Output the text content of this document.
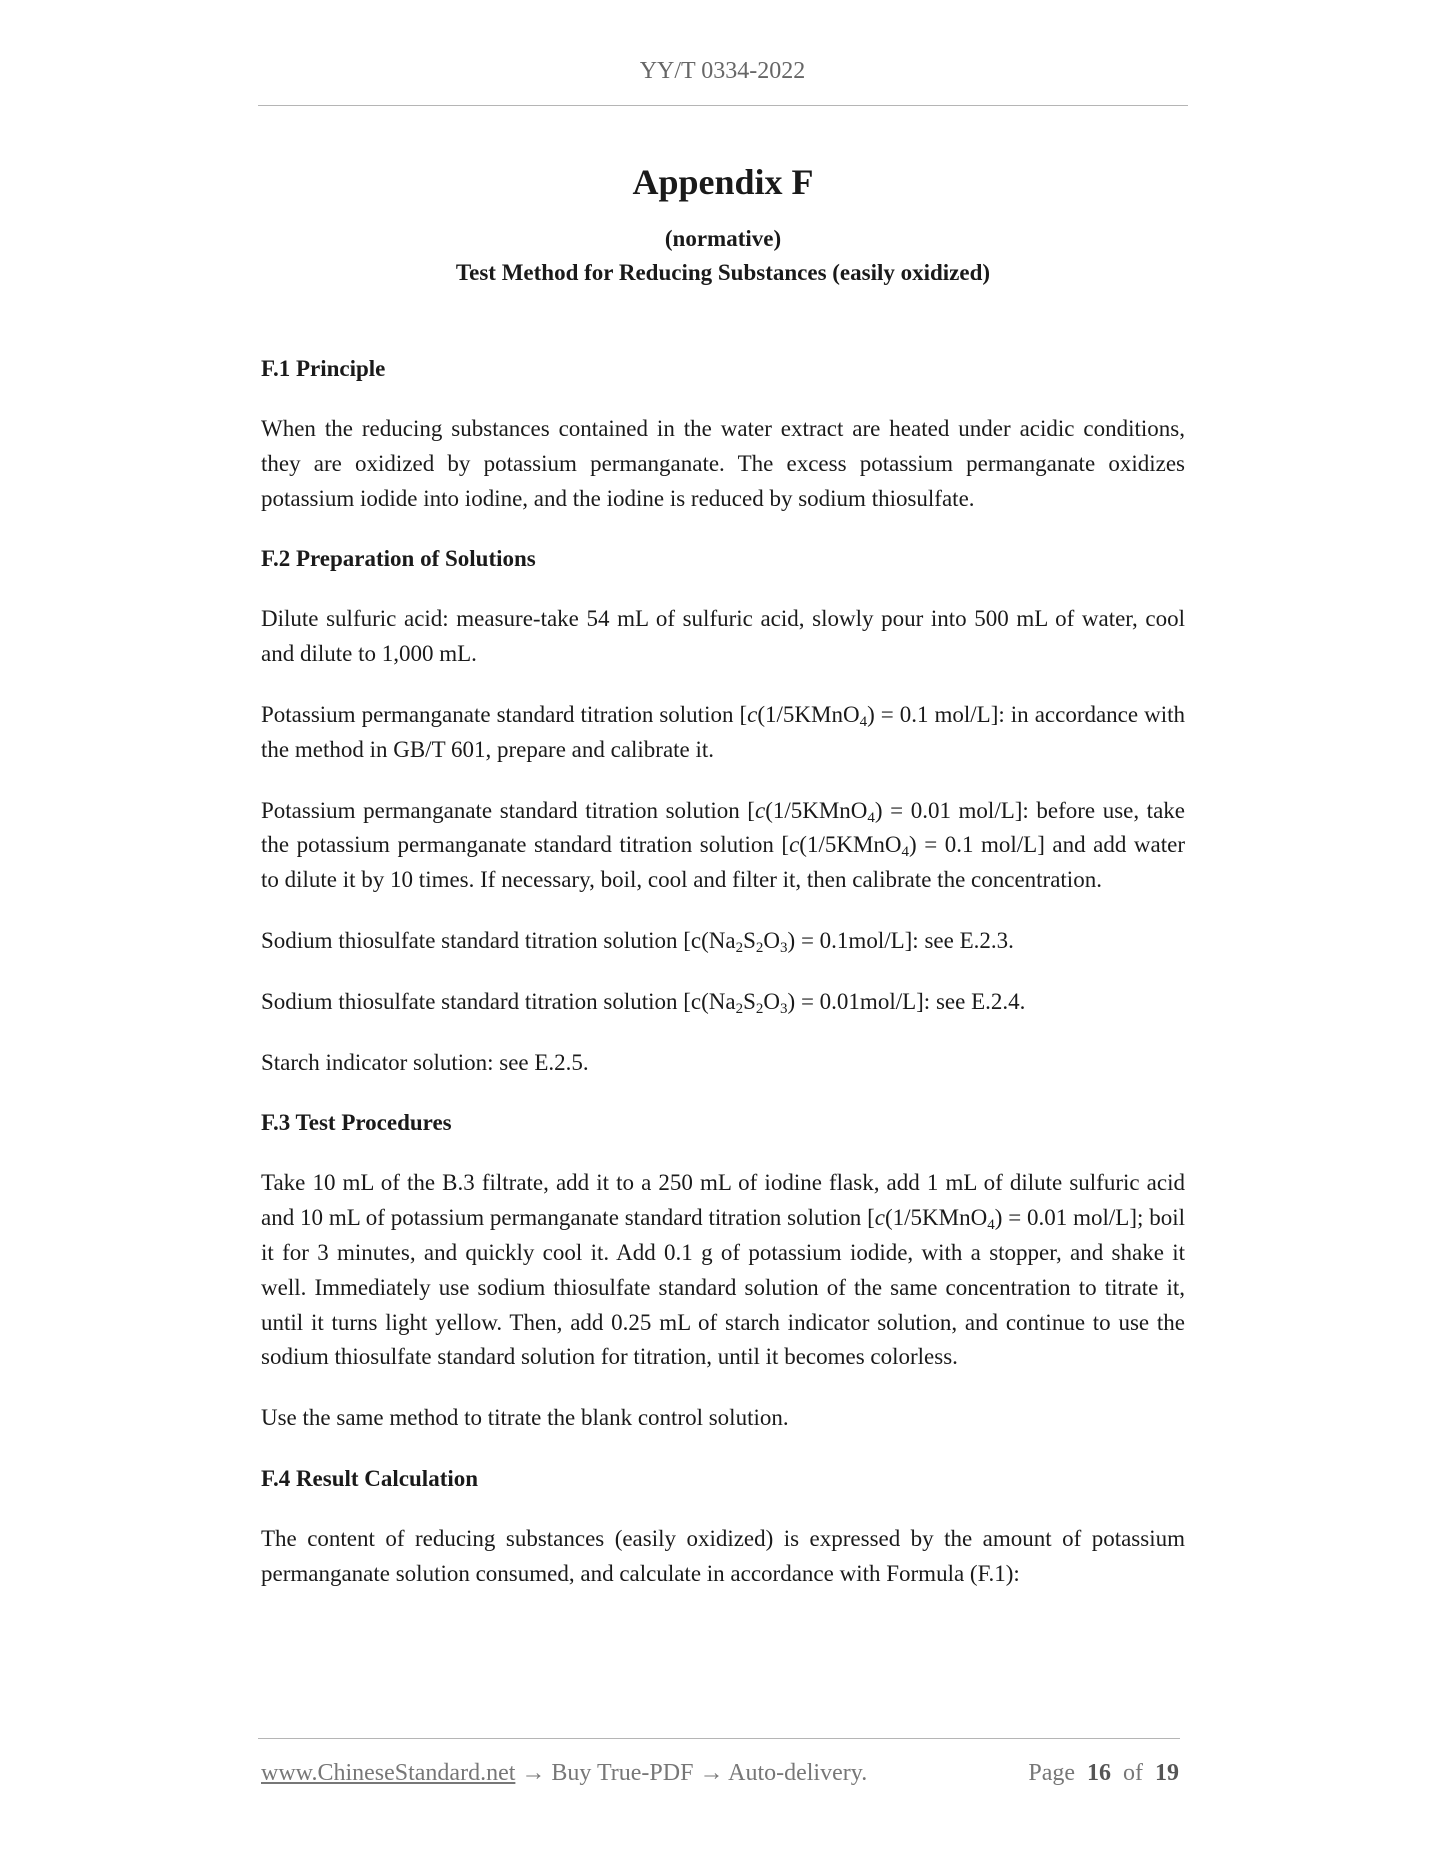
YY/T 0334-2022
Appendix F
(normative)
Test Method for Reducing Substances (easily oxidized)
F.1 Principle

When the reducing substances contained in the water extract are heated under acidic conditions, they are oxidized by potassium permanganate. The excess potassium permanganate oxidizes potassium iodide into iodine, and the iodine is reduced by sodium thiosulfate.

F.2 Preparation of Solutions

Dilute sulfuric acid: measure-take 54 mL of sulfuric acid, slowly pour into 500 mL of water, cool and dilute to 1,000 mL.

Potassium permanganate standard titration solution [c(1/5KMnO$_4$) = 0.1 mol/L]: in accordance with the method in GB/T 601, prepare and calibrate it.

Potassium permanganate standard titration solution [c(1/5KMnO$_4$) = 0.01 mol/L]: before use, take the potassium permanganate standard titration solution [c(1/5KMnO$_4$) = 0.1 mol/L] and add water to dilute it by 10 times. If necessary, boil, cool and filter it, then calibrate the concentration.

Sodium thiosulfate standard titration solution $[c(Na_2S_2O_3) = 0.1mol/L]$: see E.2.3.

Sodium thiosulfate standard titration solution $[c(Na_2S_2O_3) = 0.01mol/L]$: see E.2.4.

Starch indicator solution: see E.2.5.

F.3 Test Procedures

Take 10 mL of the B.3 filtrate, add it to a 250 mL of iodine flask, add 1 mL of dilute sulfuric acid and 10 mL of potassium permanganate standard titration solution [c(1/5KMnO$_4$) = 0.01 mol/L]; boil it for 3 minutes, and quickly cool it. Add 0.1 g of potassium iodide, with a stopper, and shake it well. Immediately use sodium thiosulfate standard solution of the same concentration to titrate it, until it turns light yellow. Then, add 0.25 mL of starch indicator solution, and continue to use the sodium thiosulfate standard solution for titration, until it becomes colorless.

Use the same method to titrate the blank control solution.

F.4 Result Calculation

The content of reducing substances (easily oxidized) is expressed by the amount of potassium permanganate solution consumed, and calculate in accordance with Formula (F.1):

www.ChineseStandard.net → Buy True-PDF → Auto-delivery.	Page 16 of 19
